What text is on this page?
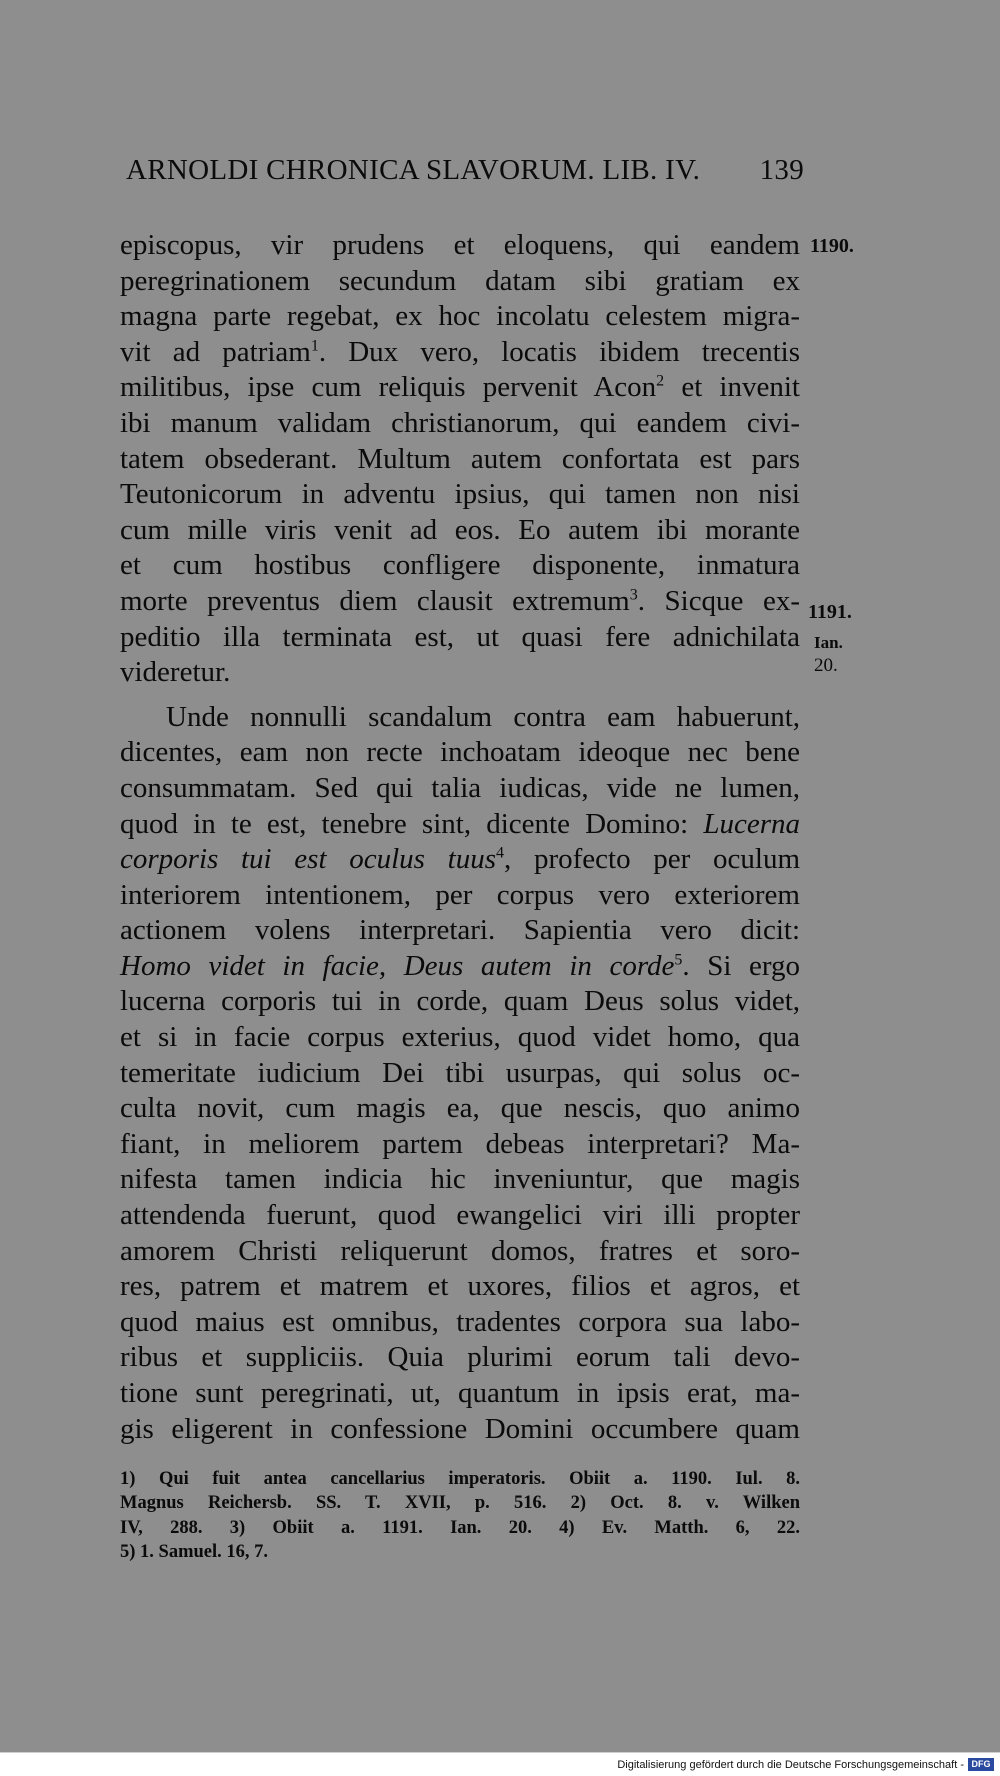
ARNOLDI CHRONICA SLAVORUM. LIB. IV. 139
episcopus, vir prudens et eloquens, qui eandem
peregrinationem secundum datam sibi gratiam ex
magna parte regebat, ex hoc incolatu celestem migra-
vit ad patriam$^1$. Dux vero, locatis ibidem trecentis
militibus, ipse cum reliquis pervenit Acon$^2$ et invenit
ibi manum validam christianorum, qui eandem civi-
tatem obsederant. Multum autem confortata est pars
Teutonicorum in adventu ipsius, qui tamen non nisi
cum mille viris venit ad eos. Eo autem ibi morante
et cum hostibus confligere disponente, inmatura
morte preventus diem clausit extremum$^3$. Sicque ex-
peditio illa terminata est, ut quasi fere adnichilata
videretur.
Unde nonnulli scandalum contra eam habuerunt,
dicentes, eam non recte inchoatam ideoque nec bene
consummatam. Sed qui talia iudicas, vide ne lumen,
quod in te est, tenebre sint, dicente Domino: Lucerna
corporis tui est oculus tuus$^4$, profecto per oculum
interiorem intentionem, per corpus vero exteriorem
actionem volens interpretari. Sapientia vero dicit:
Homo videt in facie, Deus autem in corde$^5$. Si ergo
lucerna corporis tui in corde, quam Deus solus videt,
et si in facie corpus exterius, quod videt homo, qua
temeritate iudicium Dei tibi usurpas, qui solus oc-
culta novit, cum magis ea, que nescis, quo animo
fiant, in meliorem partem debeas interpretari? Ma-
nifesta tamen indicia hic inveniuntur, que magis
attendenda fuerunt, quod ewangelici viri illi propter
amorem Christi reliquerunt domos, fratres et soro-
res, patrem et matrem et uxores, filios et agros, et
quod maius est omnibus, tradentes corpora sua labo-
ribus et suppliciis. Quia plurimi eorum tali devo-
tione sunt peregrinati, ut, quantum in ipsis erat, ma-
gis eligerent in confessione Domini occumbere quam
1190.
1191.
Ian.
20.
1) Qui fuit antea cancellarius imperatoris. Obiit a. 1190. Iul. 8.
Magnus Reichersb. SS. T. XVII, p. 516. 2) Oct. 8. v. Wilken
IV, 288. 3) Obiit a. 1191. Ian. 20. 4) Ev. Matth. 6, 22.
5) 1. Samuel. 16, 7.
Digitalisierung gefördert durch die Deutsche Forschungsgemeinschaft - DFG
